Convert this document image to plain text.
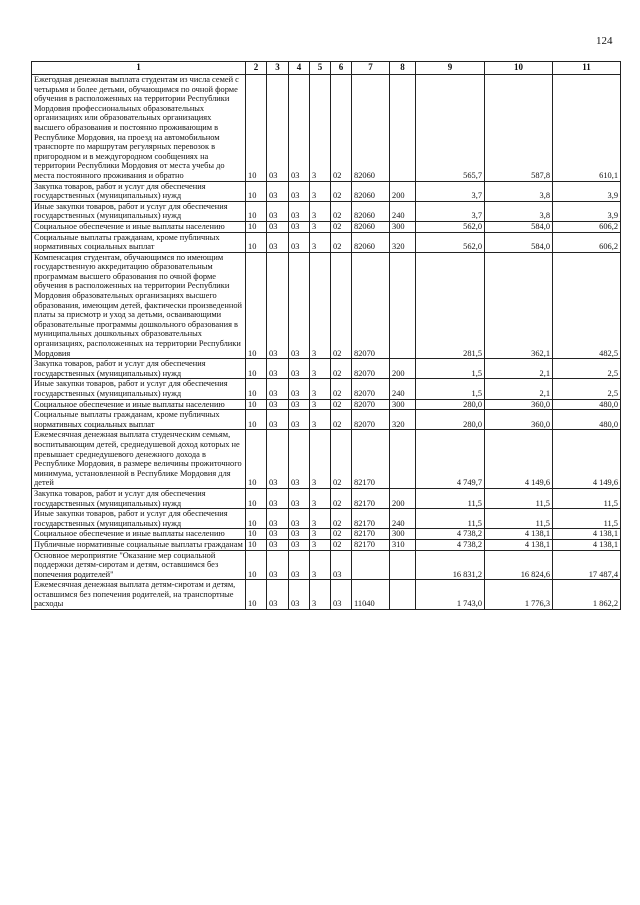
124
1	2	3	4	5	6	7	8	9	10	11
Ежегодная денежная выплата студентам из числа семей с четырьмя и более детьми, обучающимся по очной форме обучения в расположенных на территории Республики Мордовия профессиональных образовательных организациях или образовательных организациях высшего образования и постоянно проживающим в Республике Мордовия, на проезд на автомобильном транспорте по маршрутам регулярных перевозок в пригородном и в междугородном сообщениях на территории Республики Мордовия от места учебы до места постоянного проживания и обратно	10	03	03	3	02	82060		565,7	587,8	610,1
Закупка товаров, работ и услуг для обеспечения государственных (муниципальных) нужд	10	03	03	3	02	82060	200	3,7	3,8	3,9
Иные закупки товаров, работ и услуг для обеспечения государственных (муниципальных) нужд	10	03	03	3	02	82060	240	3,7	3,8	3,9
Социальное обеспечение и иные выплаты населению	10	03	03	3	02	82060	300	562,0	584,0	606,2
Социальные выплаты гражданам, кроме публичных нормативных социальных выплат	10	03	03	3	02	82060	320	562,0	584,0	606,2
Компенсация студентам, обучающимся по имеющим государственную аккредитацию образовательным программам высшего образования по очной форме обучения в расположенных на территории Республики Мордовия образовательных организациях высшего образования, имеющим детей, фактически произведенной платы за присмотр и уход за детьми, осваивающими образовательные программы дошкольного образования в муниципальных дошкольных образовательных организациях, расположенных на территории Республики Мордовия	10	03	03	3	02	82070		281,5	362,1	482,5
Закупка товаров, работ и услуг для обеспечения государственных (муниципальных) нужд	10	03	03	3	02	82070	200	1,5	2,1	2,5
Иные закупки товаров, работ и услуг для обеспечения государственных (муниципальных) нужд	10	03	03	3	02	82070	240	1,5	2,1	2,5
Социальное обеспечение и иные выплаты населению	10	03	03	3	02	82070	300	280,0	360,0	480,0
Социальные выплаты гражданам, кроме публичных нормативных социальных выплат	10	03	03	3	02	82070	320	280,0	360,0	480,0
Ежемесячная денежная выплата студенческим семьям, воспитывающим детей, среднедушевой доход которых не превышает среднедушевого денежного дохода в Республике Мордовия, в размере величины прожиточного минимума, установленной в Республике Мордовия для детей	10	03	03	3	02	82170		4 749,7	4 149,6	4 149,6
Закупка товаров, работ и услуг для обеспечения государственных (муниципальных) нужд	10	03	03	3	02	82170	200	11,5	11,5	11,5
Иные закупки товаров, работ и услуг для обеспечения государственных (муниципальных) нужд	10	03	03	3	02	82170	240	11,5	11,5	11,5
Социальное обеспечение и иные выплаты населению	10	03	03	3	02	82170	300	4 738,2	4 138,1	4 138,1
Публичные нормативные социальные выплаты гражданам	10	03	03	3	02	82170	310	4 738,2	4 138,1	4 138,1
Основное мероприятие "Оказание мер социальной поддержки детям-сиротам и детям, оставшимся без попечения родителей"	10	03	03	3	03			16 831,2	16 824,6	17 487,4
Ежемесячная денежная выплата детям-сиротам и детям, оставшимся без попечения родителей, на транспортные расходы	10	03	03	3	03	11040		1 743,0	1 776,3	1 862,2
